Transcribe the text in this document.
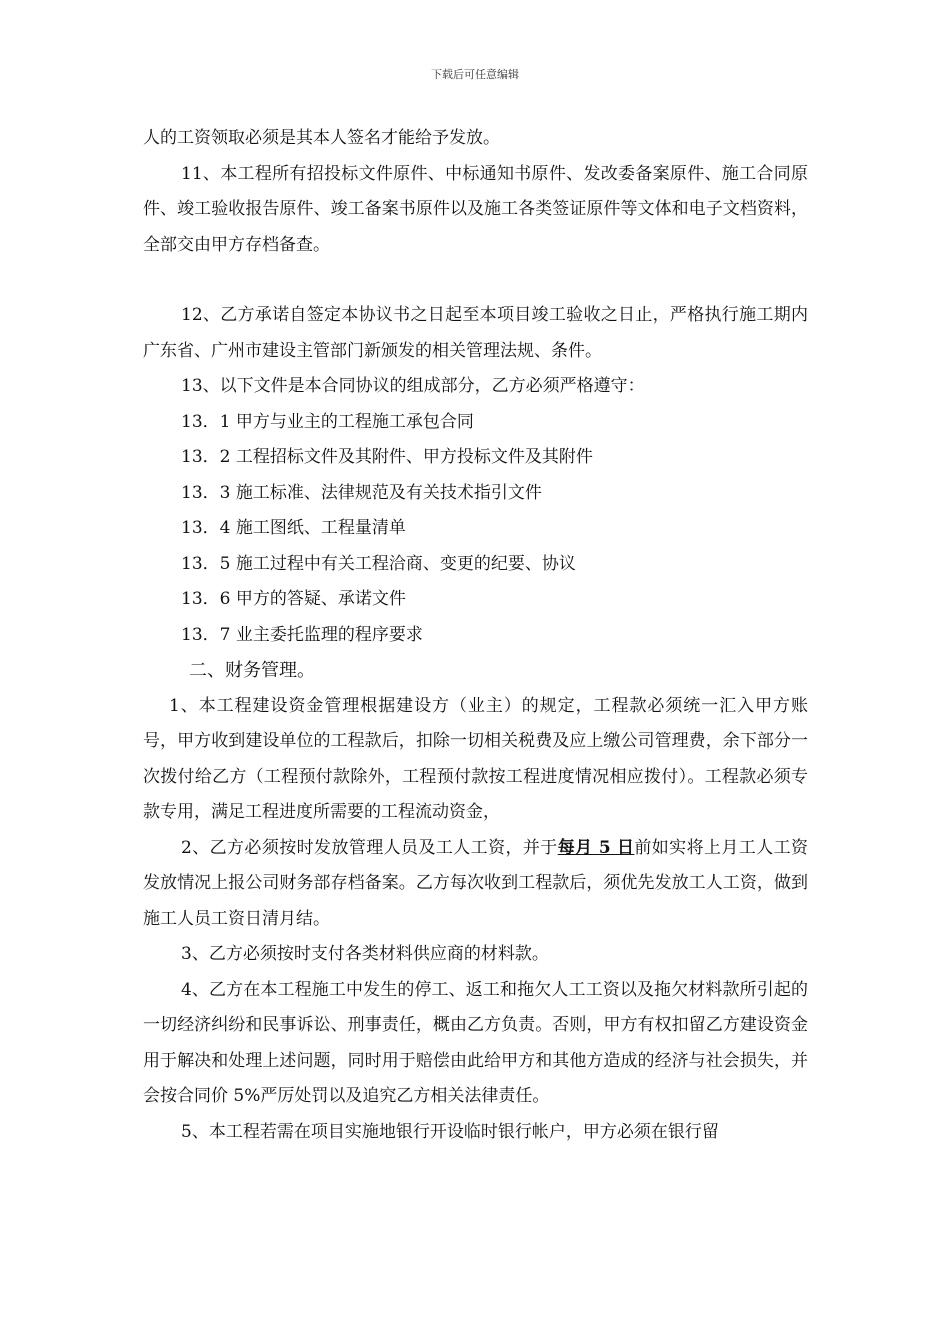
下载后可任意编辑

人的工资领取必须是其本人签名才能给予发放。

11、本工程所有招投标文件原件、中标通知书原件、发改委备案原件、施工合同原件、竣工验收报告原件、竣工备案书原件以及施工各类签证原件等文体和电子文档资料，全部交由甲方存档备查。

12、乙方承诺自签定本协议书之日起至本项目竣工验收之日止，严格执行施工期内广东省、广州市建设主管部门新颁发的相关管理法规、条件。

13、以下文件是本合同协议的组成部分，乙方必须严格遵守：

13．1 甲方与业主的工程施工承包合同

13．2 工程招标文件及其附件、甲方投标文件及其附件

13．3 施工标准、法律规范及有关技术指引文件

13．4 施工图纸、工程量清单

13．5 施工过程中有关工程洽商、变更的纪要、协议

13．6 甲方的答疑、承诺文件

13．7 业主委托监理的程序要求

二、财务管理。

1、本工程建设资金管理根据建设方（业主）的规定，工程款必须统一汇入甲方账号，甲方收到建设单位的工程款后，扣除一切相关税费及应上缴公司管理费，余下部分一次拨付给乙方（工程预付款除外，工程预付款按工程进度情况相应拨付）。工程款必须专款专用，满足工程进度所需要的工程流动资金，

2、乙方必须按时发放管理人员及工人工资，并于每月 5 日前如实将上月工人工资发放情况上报公司财务部存档备案。乙方每次收到工程款后，须优先发放工人工资，做到施工人员工资日清月结。

3、乙方必须按时支付各类材料供应商的材料款。

4、乙方在本工程施工中发生的停工、返工和拖欠人工工资以及拖欠材料款所引起的一切经济纠纷和民事诉讼、刑事责任，概由乙方负责。否则，甲方有权扣留乙方建设资金用于解决和处理上述问题，同时用于赔偿由此给甲方和其他方造成的经济与社会损失，并会按合同价 5%严厉处罚以及追究乙方相关法律责任。

5、本工程若需在项目实施地银行开设临时银行帐户，甲方必须在银行留
